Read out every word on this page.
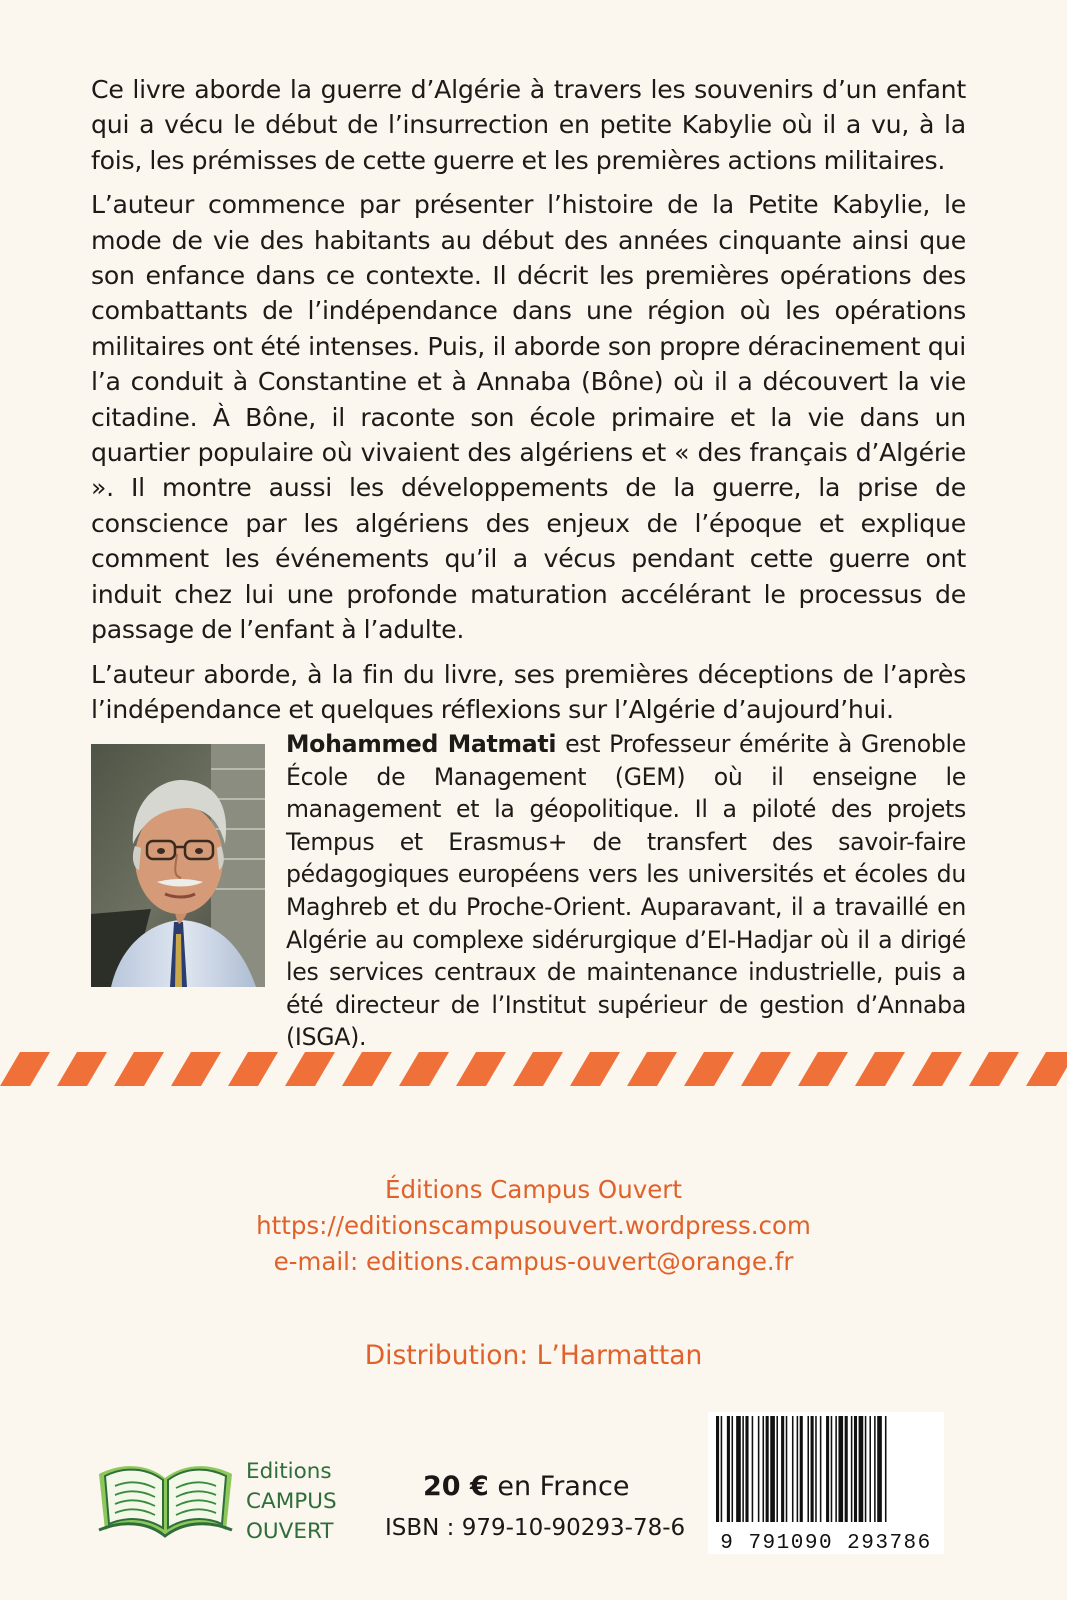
Ce livre aborde la guerre d’Algérie à travers les souvenirs d’un enfant qui a vécu le début de l’insurrection en petite Kabylie où il a vu, à la fois, les prémisses de cette guerre et les premières actions militaires.

L’auteur commence par présenter l’histoire de la Petite Kabylie, le mode de vie des habitants au début des années cinquante ainsi que son enfance dans ce contexte. Il décrit les premières opérations des combattants de l’indépendance dans une région où les opérations militaires ont été intenses. Puis, il aborde son propre déracinement qui l’a conduit à Constantine et à Annaba (Bône) où il a découvert la vie citadine. À Bône, il raconte son école primaire et la vie dans un quartier populaire où vivaient des algériens et « des français d’Algérie ». Il montre aussi les développements de la guerre, la prise de conscience par les algériens des enjeux de l’époque et explique comment les événements qu’il a vécus pendant cette guerre ont induit chez lui une profonde maturation accélérant le processus de passage de l’enfant à l’adulte.

L’auteur aborde, à la fin du livre, ses premières déceptions de l’après l’indépendance et quelques réflexions sur l’Algérie d’aujourd’hui.

Mohammed Matmati est Professeur émérite à Grenoble École de Management (GEM) où il enseigne le management et la géopolitique. Il a piloté des projets Tempus et Erasmus+ de transfert des savoir-faire pédagogiques européens vers les universités et écoles du Maghreb et du Proche-Orient. Auparavant, il a travaillé en Algérie au complexe sidérurgique d’El-Hadjar où il a dirigé les services centraux de maintenance industrielle, puis a été directeur de l’Institut supérieur de gestion d’Annaba (ISGA).

Éditions Campus Ouvert
https://editionscampusouvert.wordpress.com
e-mail: editions.campus-ouvert@orange.fr
Distribution: L’Harmattan
Editions
CAMPUS
OUVERT
20 € en France
ISBN : 979-10-90293-78-6
9 791090 293786
